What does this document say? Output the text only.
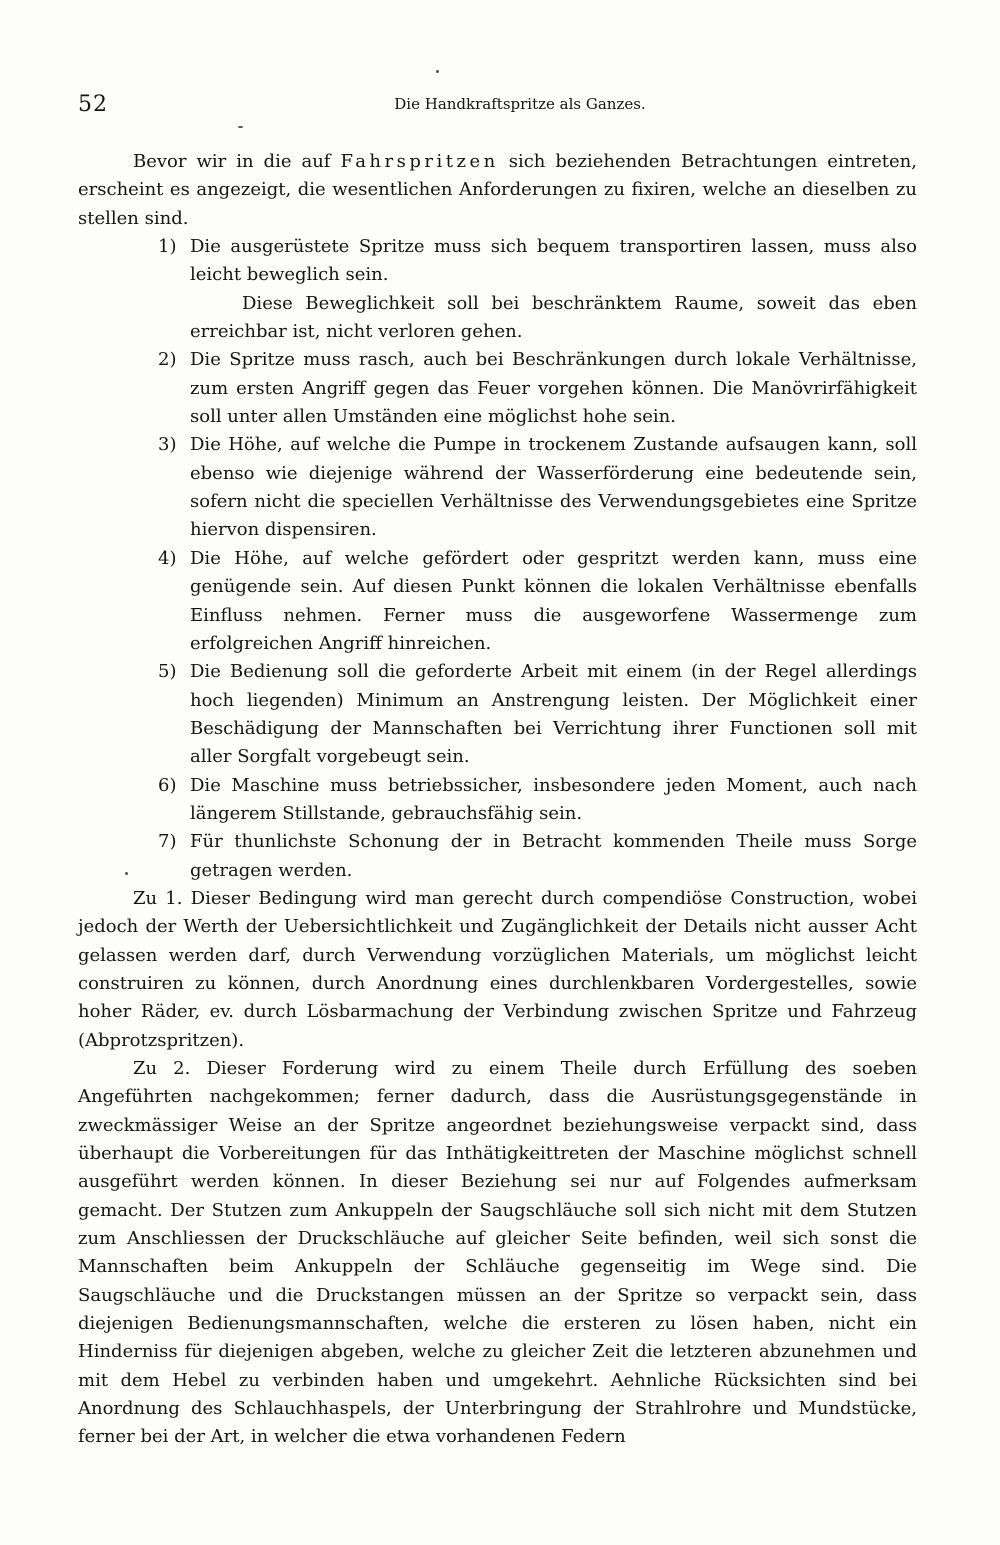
52	Die Handkraftspritze als Ganzes.

Bevor wir in die auf Fahrspritzen sich beziehenden Betrachtungen eintreten, erscheint es angezeigt, die wesentlichen Anforderungen zu fixiren, welche an dieselben zu stellen sind.

1) Die ausgerüstete Spritze muss sich bequem transportiren lassen, muss also leicht beweglich sein.

Diese Beweglichkeit soll bei beschränktem Raume, soweit das eben erreichbar ist, nicht verloren gehen.

2) Die Spritze muss rasch, auch bei Beschränkungen durch lokale Verhältnisse, zum ersten Angriff gegen das Feuer vorgehen können. Die Manövrirfähigkeit soll unter allen Umständen eine möglichst hohe sein.
3) Die Höhe, auf welche die Pumpe in trockenem Zustande aufsaugen kann, soll ebenso wie diejenige während der Wasserförderung eine bedeutende sein, sofern nicht die speciellen Verhältnisse des Verwendungsgebietes eine Spritze hiervon dispensiren.
4) Die Höhe, auf welche gefördert oder gespritzt werden kann, muss eine genügende sein. Auf diesen Punkt können die lokalen Verhältnisse ebenfalls Einfluss nehmen. Ferner muss die ausgeworfene Wassermenge zum erfolgreichen Angriff hinreichen.
5) Die Bedienung soll die geforderte Arbeit mit einem (in der Regel allerdings hoch liegenden) Minimum an Anstrengung leisten. Der Möglichkeit einer Beschädigung der Mannschaften bei Verrichtung ihrer Functionen soll mit aller Sorgfalt vorgebeugt sein.
6) Die Maschine muss betriebssicher, insbesondere jeden Moment, auch nach längerem Stillstande, gebrauchsfähig sein.
7) Für thunlichste Schonung der in Betracht kommenden Theile muss Sorge getragen werden.

Zu 1. Dieser Bedingung wird man gerecht durch compendiöse Construction, wobei jedoch der Werth der Uebersichtlichkeit und Zugänglichkeit der Details nicht ausser Acht gelassen werden darf, durch Verwendung vorzüglichen Materials, um möglichst leicht construiren zu können, durch Anordnung eines durchlenkbaren Vordergestelles, sowie hoher Räder, ev. durch Lösbarmachung der Verbindung zwischen Spritze und Fahrzeug (Abprotzspritzen).

Zu 2. Dieser Forderung wird zu einem Theile durch Erfüllung des soeben Angeführten nachgekommen; ferner dadurch, dass die Ausrüstungsgegenstände in zweckmässiger Weise an der Spritze angeordnet beziehungsweise verpackt sind, dass überhaupt die Vorbereitungen für das Inthätigkeittreten der Maschine möglichst schnell ausgeführt werden können. In dieser Beziehung sei nur auf Folgendes aufmerksam gemacht. Der Stutzen zum Ankuppeln der Saugschläuche soll sich nicht mit dem Stutzen zum Anschliessen der Druckschläuche auf gleicher Seite befinden, weil sich sonst die Mannschaften beim Ankuppeln der Schläuche gegenseitig im Wege sind. Die Saugschläuche und die Druckstangen müssen an der Spritze so verpackt sein, dass diejenigen Bedienungsmannschaften, welche die ersteren zu lösen haben, nicht ein Hinderniss für diejenigen abgeben, welche zu gleicher Zeit die letzteren abzunehmen und mit dem Hebel zu verbinden haben und umgekehrt. Aehnliche Rücksichten sind bei Anordnung des Schlauchhaspels, der Unterbringung der Strahlrohre und Mundstücke, ferner bei der Art, in welcher die etwa vorhandenen Federn
